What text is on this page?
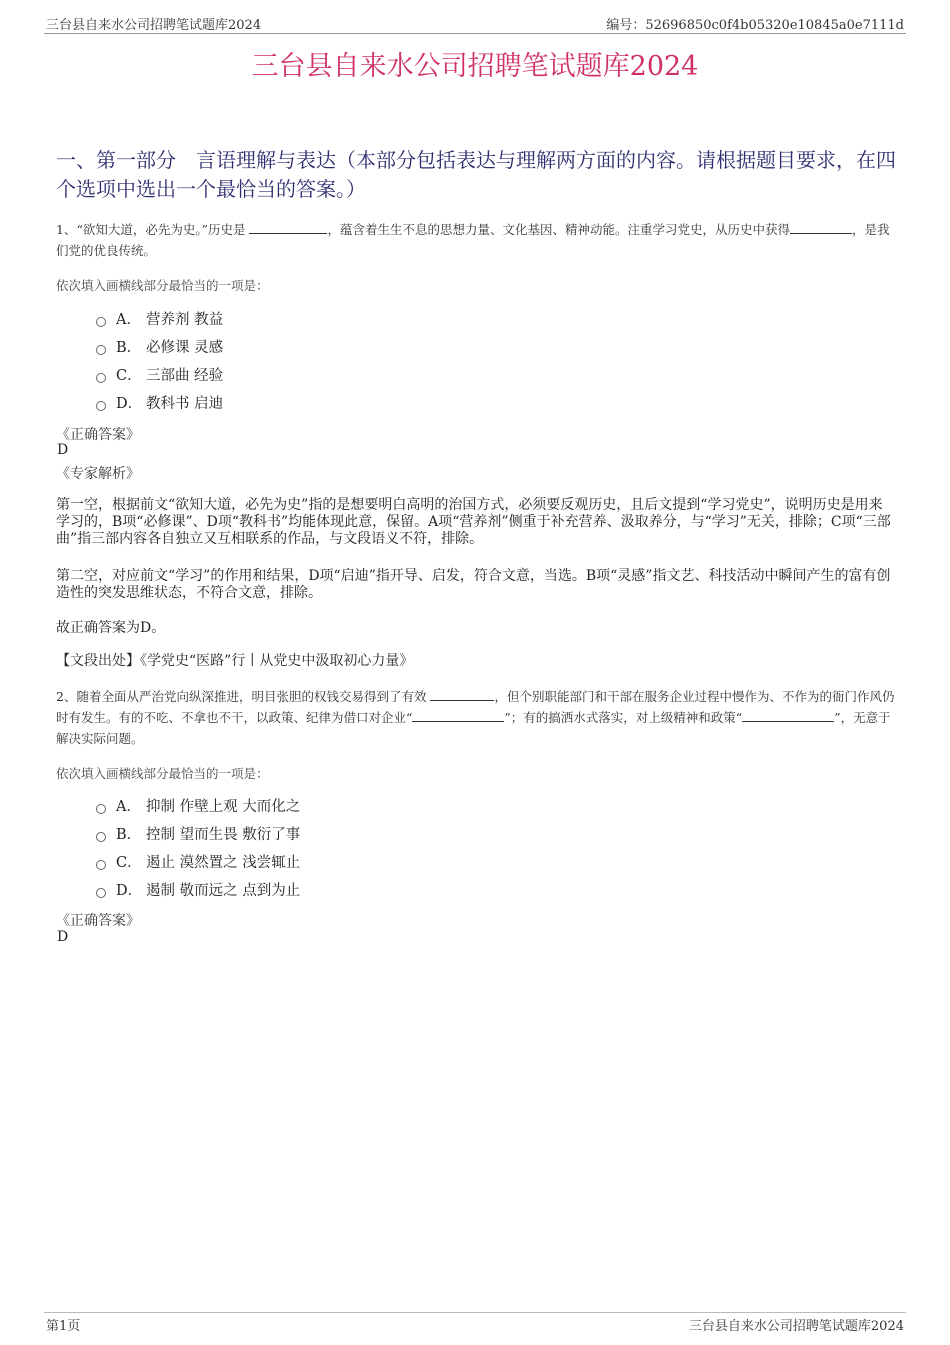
三台县自来水公司招聘笔试题库2024	编号：52696850c0f4b05320e10845a0e7111d
三台县自来水公司招聘笔试题库2024
一、第一部分　言语理解与表达（本部分包括表达与理解两方面的内容。请根据题目要求，在四个选项中选出一个最恰当的答案。）
1、“欲知大道，必先为史。”历史是	，蕴含着生生不息的思想力量、文化基因、精神动能。注重学习党史，从历史中获得	，是我们党的优良传统。
依次填入画横线部分最恰当的一项是：
A． 营养剂 教益
B． 必修课 灵感
C． 三部曲 经验
D． 教科书 启迪
《正确答案》
D
《专家解析》
第一空，根据前文“欲知大道，必先为史”指的是想要明白高明的治国方式，必须要反观历史，且后文提到“学习党史”，说明历史是用来学习的，B项“必修课”、D项“教科书”均能体现此意，保留。A项“营养剂”侧重于补充营养、汲取养分，与“学习”无关，排除；C项“三部曲”指三部内容各自独立又互相联系的作品，与文段语义不符，排除。
第二空，对应前文“学习”的作用和结果，D项“启迪”指开导、启发，符合文意，当选。B项“灵感”指文艺、科技活动中瞬间产生的富有创造性的突发思维状态，不符合文意，排除。
故正确答案为D。
【文段出处】《学党史“医路”行丨从党史中汲取初心力量》
2、随着全面从严治党向纵深推进，明目张胆的权钱交易得到了有效	，但个别职能部门和干部在服务企业过程中慢作为、不作为的衙门作风仍时有发生。有的不吃、不拿也不干，以政策、纪律为借口对企业“	”；有的搞洒水式落实，对上级精神和政策“	”，无意于解决实际问题。
依次填入画横线部分最恰当的一项是：
A． 抑制 作壁上观 大而化之
B． 控制 望而生畏 敷衍了事
C． 遏止 漠然置之 浅尝辄止
D． 遏制 敬而远之 点到为止
《正确答案》
D
第1页	三台县自来水公司招聘笔试题库2024
